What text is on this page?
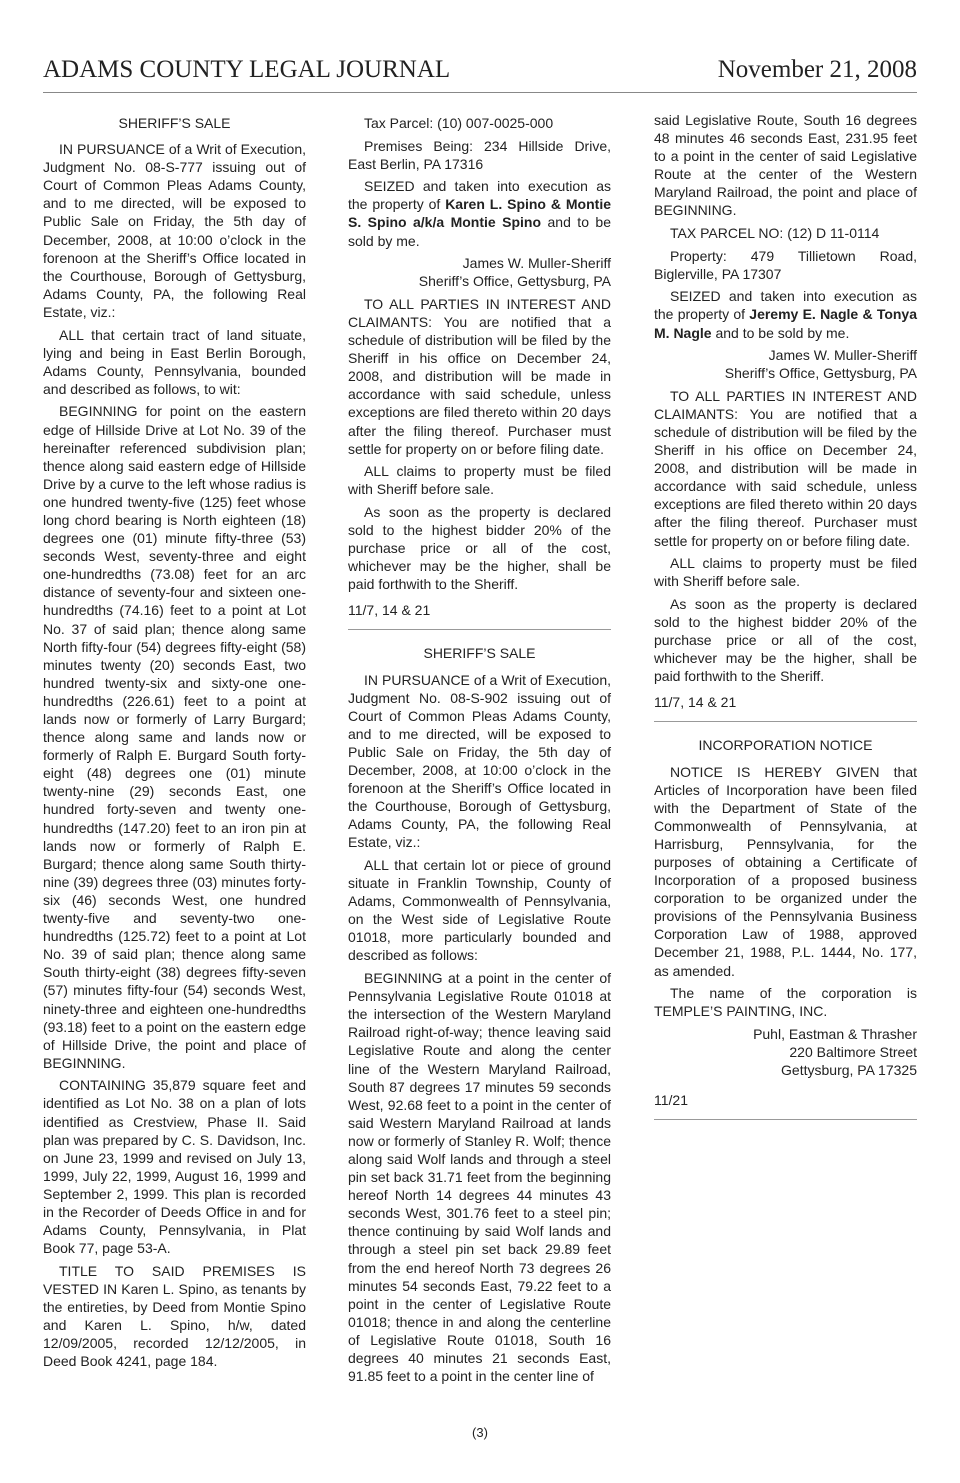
ADAMS COUNTY LEGAL JOURNAL	November 21, 2008

SHERIFF’S SALE

IN PURSUANCE of a Writ of Execution, Judgment No. 08-S-777 issuing out of Court of Common Pleas Adams County, and to me directed, will be exposed to Public Sale on Friday, the 5th day of December, 2008, at 10:00 o’clock in the forenoon at the Sheriff’s Office located in the Courthouse, Borough of Gettysburg, Adams County, PA, the following Real Estate, viz.:

ALL that certain tract of land situate, lying and being in East Berlin Borough, Adams County, Pennsylvania, bounded and described as follows, to wit:

BEGINNING for point on the eastern edge of Hillside Drive at Lot No. 39 of the hereinafter referenced subdivision plan; thence along said eastern edge of Hillside Drive by a curve to the left whose radius is one hundred twenty-five (125) feet whose long chord bearing is North eighteen (18) degrees one (01) minute fifty-three (53) seconds West, seventy-three and eight one-hundredths (73.08) feet for an arc distance of seventy-four and sixteen one-hundredths (74.16) feet to a point at Lot No. 37 of said plan; thence along same North fifty-four (54) degrees fifty-eight (58) minutes twenty (20) seconds East, two hundred twenty-six and sixty-one one-hundredths (226.61) feet to a point at lands now or formerly of Larry Burgard; thence along same and lands now or formerly of Ralph E. Burgard South forty-eight (48) degrees one (01) minute twenty-nine (29) seconds East, one hundred forty-seven and twenty one-hundredths (147.20) feet to an iron pin at lands now or formerly of Ralph E. Burgard; thence along same South thirty-nine (39) degrees three (03) minutes forty-six (46) seconds West, one hundred twenty-five and seventy-two one-hundredths (125.72) feet to a point at Lot No. 39 of said plan; thence along same South thirty-eight (38) degrees fifty-seven (57) minutes fifty-four (54) seconds West, ninety-three and eighteen one-hundredths (93.18) feet to a point on the eastern edge of Hillside Drive, the point and place of BEGINNING.

CONTAINING 35,879 square feet and identified as Lot No. 38 on a plan of lots identified as Crestview, Phase II. Said plan was prepared by C. S. Davidson, Inc. on June 23, 1999 and revised on July 13, 1999, July 22, 1999, August 16, 1999 and September 2, 1999. This plan is recorded in the Recorder of Deeds Office in and for Adams County, Pennsylvania, in Plat Book 77, page 53-A.

TITLE TO SAID PREMISES IS VESTED IN Karen L. Spino, as tenants by the entireties, by Deed from Montie Spino and Karen L. Spino, h/w, dated 12/09/2005, recorded 12/12/2005, in Deed Book 4241, page 184.

Tax Parcel: (10) 007-0025-000

Premises Being: 234 Hillside Drive, East Berlin, PA 17316

SEIZED and taken into execution as the property of Karen L. Spino & Montie S. Spino a/k/a Montie Spino and to be sold by me.

James W. Muller-Sheriff

Sheriff’s Office, Gettysburg, PA

TO ALL PARTIES IN INTEREST AND CLAIMANTS: You are notified that a schedule of distribution will be filed by the Sheriff in his office on December 24, 2008, and distribution will be made in accordance with said schedule, unless exceptions are filed thereto within 20 days after the filing thereof. Purchaser must settle for property on or before filing date.

ALL claims to property must be filed with Sheriff before sale.

As soon as the property is declared sold to the highest bidder 20% of the purchase price or all of the cost, whichever may be the higher, shall be paid forthwith to the Sheriff.

11/7, 14 & 21

SHERIFF’S SALE

IN PURSUANCE of a Writ of Execution, Judgment No. 08-S-902 issuing out of Court of Common Pleas Adams County, and to me directed, will be exposed to Public Sale on Friday, the 5th day of December, 2008, at 10:00 o’clock in the forenoon at the Sheriff’s Office located in the Courthouse, Borough of Gettysburg, Adams County, PA, the following Real Estate, viz.:

ALL that certain lot or piece of ground situate in Franklin Township, County of Adams, Commonwealth of Pennsylvania, on the West side of Legislative Route 01018, more particularly bounded and described as follows:

BEGINNING at a point in the center of Pennsylvania Legislative Route 01018 at the intersection of the Western Maryland Railroad right-of-way; thence leaving said Legislative Route and along the center line of the Western Maryland Railroad, South 87 degrees 17 minutes 59 seconds West, 92.68 feet to a point in the center of said Western Maryland Railroad at lands now or formerly of Stanley R. Wolf; thence along said Wolf lands and through a steel pin set back 31.71 feet from the beginning hereof North 14 degrees 44 minutes 43 seconds West, 301.76 feet to a steel pin; thence continuing by said Wolf lands and through a steel pin set back 29.89 feet from the end hereof North 73 degrees 26 minutes 54 seconds East, 79.22 feet to a point in the center of Legislative Route 01018; thence in and along the centerline of Legislative Route 01018, South 16 degrees 40 minutes 21 seconds East, 91.85 feet to a point in the center line of

said Legislative Route, South 16 degrees 48 minutes 46 seconds East, 231.95 feet to a point in the center of said Legislative Route at the center of the Western Maryland Railroad, the point and place of BEGINNING.

TAX PARCEL NO: (12) D 11-0114

Property: 479 Tillietown Road, Biglerville, PA 17307

SEIZED and taken into execution as the property of Jeremy E. Nagle & Tonya M. Nagle and to be sold by me.

James W. Muller-Sheriff

Sheriff’s Office, Gettysburg, PA

TO ALL PARTIES IN INTEREST AND CLAIMANTS: You are notified that a schedule of distribution will be filed by the Sheriff in his office on December 24, 2008, and distribution will be made in accordance with said schedule, unless exceptions are filed thereto within 20 days after the filing thereof. Purchaser must settle for property on or before filing date.

ALL claims to property must be filed with Sheriff before sale.

As soon as the property is declared sold to the highest bidder 20% of the purchase price or all of the cost, whichever may be the higher, shall be paid forthwith to the Sheriff.

11/7, 14 & 21

INCORPORATION NOTICE

NOTICE IS HEREBY GIVEN that Articles of Incorporation have been filed with the Department of State of the Commonwealth of Pennsylvania, at Harrisburg, Pennsylvania, for the purposes of obtaining a Certificate of Incorporation of a proposed business corporation to be organized under the provisions of the Pennsylvania Business Corporation Law of 1988, approved December 21, 1988, P.L. 1444, No. 177, as amended.

The name of the corporation is TEMPLE’S PAINTING, INC.

Puhl, Eastman & Thrasher

220 Baltimore Street

Gettysburg, PA 17325

11/21

(3)
